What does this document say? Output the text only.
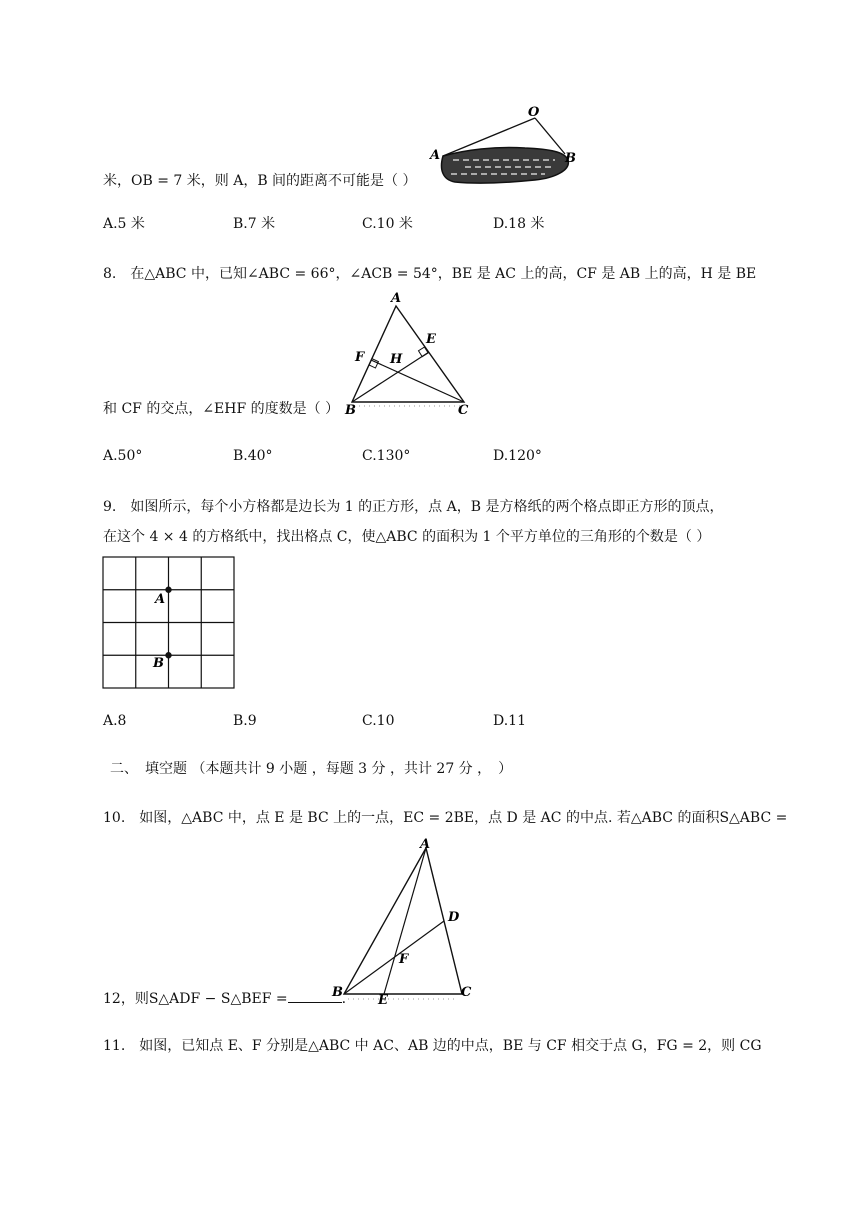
O
A	B
米，OB = 7 米，则 A，B 间的距离不可能是（ ）
A.5 米	B.7 米	C.10 米	D.18 米
8.　在△ABC 中，已知∠ABC = 66°，∠ACB = 54°，BE 是 AC 上的高，CF 是 AB 上的高，H 是 BE
A
E
F H
B	C
和 CF 的交点，∠EHF 的度数是（ ）
A.50°	B.40°	C.130°	D.120°
9.　如图所示，每个小方格都是边长为 1 的正方形，点 A，B 是方格纸的两个格点即正方形的顶点，
在这个 4 × 4 的方格纸中，找出格点 C，使△ABC 的面积为 1 个平方单位的三角形的个数是（ ）
A
B
A.8	B.9	C.10	D.11
二、　填空题 （本题共计 9 小题 ，每题 3 分 ，共计 27 分 ，　）
10.　如图，△ABC 中，点 E 是 BC 上的一点，EC = 2BE，点 D 是 AC 的中点. 若△ABC 的面积S△ABC =
A
D
F
B
E
C
12，则S△ADF − S△BEF =	.
11.　如图，已知点 E、F 分别是△ABC 中 AC、AB 边的中点，BE 与 CF 相交于点 G，FG = 2，则 CG
